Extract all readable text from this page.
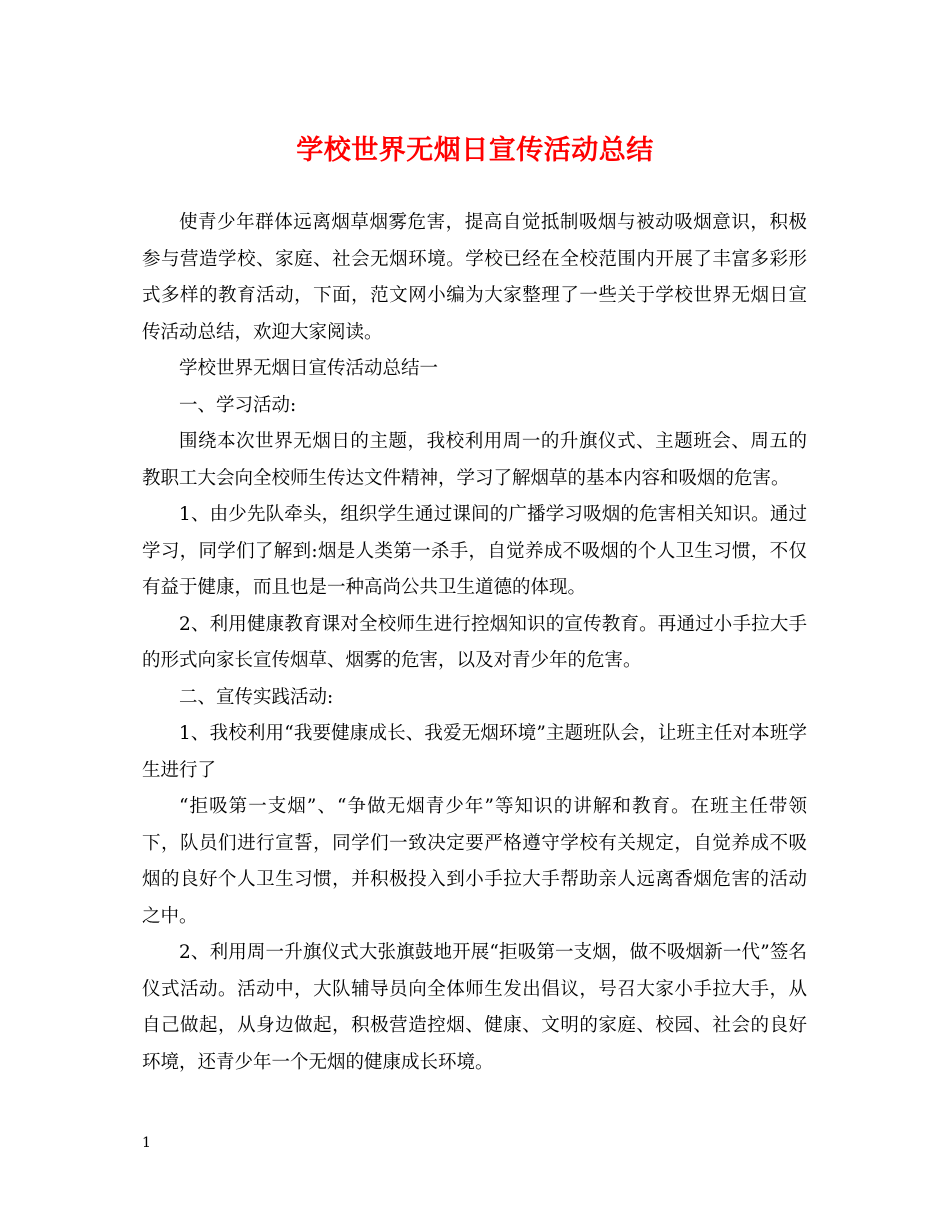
学校世界无烟日宣传活动总结

使青少年群体远离烟草烟雾危害，提高自觉抵制吸烟与被动吸烟意识，积极参与营造学校、家庭、社会无烟环境。学校已经在全校范围内开展了丰富多彩形式多样的教育活动，下面，范文网小编为大家整理了一些关于学校世界无烟日宣传活动总结，欢迎大家阅读。

学校世界无烟日宣传活动总结一

一、学习活动:

围绕本次世界无烟日的主题，我校利用周一的升旗仪式、主题班会、周五的教职工大会向全校师生传达文件精神，学习了解烟草的基本内容和吸烟的危害。

1、由少先队牵头，组织学生通过课间的广播学习吸烟的危害相关知识。通过学习，同学们了解到:烟是人类第一杀手，自觉养成不吸烟的个人卫生习惯，不仅有益于健康，而且也是一种高尚公共卫生道德的体现。

2、利用健康教育课对全校师生进行控烟知识的宣传教育。再通过小手拉大手的形式向家长宣传烟草、烟雾的危害，以及对青少年的危害。

二、宣传实践活动:

1、我校利用“我要健康成长、我爱无烟环境”主题班队会，让班主任对本班学生进行了

“拒吸第一支烟”、“争做无烟青少年”等知识的讲解和教育。在班主任带领下，队员们进行宣誓，同学们一致决定要严格遵守学校有关规定，自觉养成不吸烟的良好个人卫生习惯，并积极投入到小手拉大手帮助亲人远离香烟危害的活动之中。

2、利用周一升旗仪式大张旗鼓地开展“拒吸第一支烟，做不吸烟新一代”签名仪式活动。活动中，大队辅导员向全体师生发出倡议，号召大家小手拉大手，从自己做起，从身边做起，积极营造控烟、健康、文明的家庭、校园、社会的良好环境，还青少年一个无烟的健康成长环境。

1
